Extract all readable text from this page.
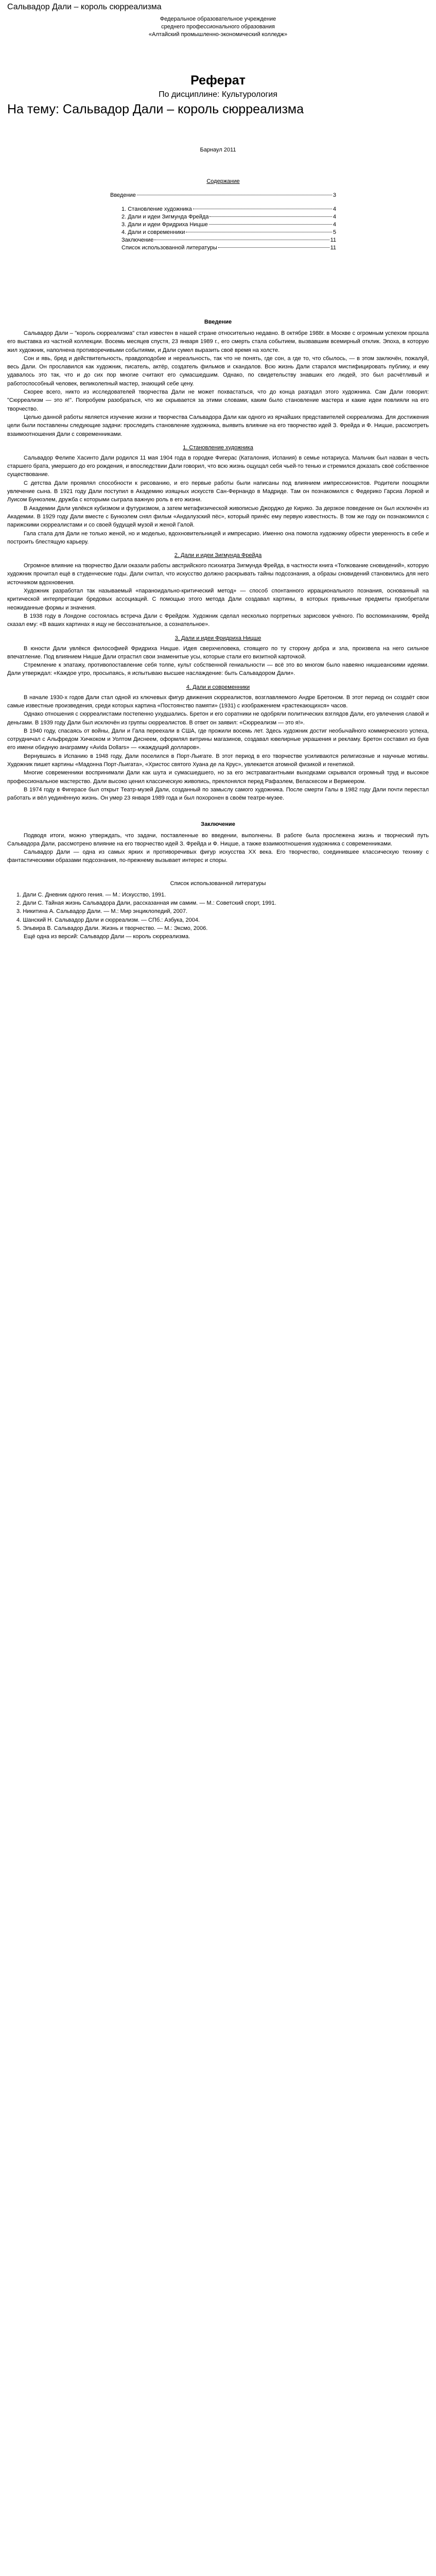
Сальвадор Дали – король сюрреализма
Федеральное образовательное учреждение
среднего профессионального образования
«Алтайский промышленно-экономический колледж»
Реферат
По дисциплине: Культурология
На тему: Сальвадор Дали – король сюрреализма
Барнаул 2011
Содержание
Введение	3
1. Становление художника	4
2. Дали и идеи Зигмунда Фрейда	4
3. Дали и идеи Фридриха Ницше	4
4. Дали и современники	5
Заключение	11
Список использованной литературы	11
Введение

Сальвадор Дали – "король сюрреализма" стал известен в нашей стране относительно недавно. В октябре 1988г. в Москве с огромным успехом прошла его выставка из частной коллекции. Восемь месяцев спустя, 23 января 1989 г., его смерть стала событием, вызвавшим всемирный отклик. Эпоха, в которую жил художник, наполнена противоречивыми событиями, и Дали сумел выразить своё время на холсте.

Сон и явь, бред и действительность, правдоподобие и нереальность, так что не понять, где сон, а где то, что сбылось, — в этом заключён, пожалуй, весь Дали. Он прославился как художник, писатель, актёр, создатель фильмов и скандалов. Всю жизнь Дали старался мистифицировать публику, и ему удавалось это так, что и до сих пор многие считают его сумасшедшим. Однако, по свидетельству знавших его людей, это был расчётливый и работоспособный человек, великолепный мастер, знающий себе цену.

Скорее всего, никто из исследователей творчества Дали не может похвастаться, что до конца разгадал этого художника. Сам Дали говорил: "Сюрреализм — это я!". Попробуем разобраться, что же скрывается за этими словами, каким было становление мастера и какие идеи повлияли на его творчество.

Целью данной работы является изучение жизни и творчества Сальвадора Дали как одного из ярчайших представителей сюрреализма. Для достижения цели были поставлены следующие задачи: проследить становление художника, выявить влияние на его творчество идей З. Фрейда и Ф. Ницше, рассмотреть взаимоотношения Дали с современниками.

1. Становление художника

Сальвадор Фелипе Хасинто Дали родился 11 мая 1904 года в городке Фигерас (Каталония, Испания) в семье нотариуса. Мальчик был назван в честь старшего брата, умершего до его рождения, и впоследствии Дали говорил, что всю жизнь ощущал себя чьей-то тенью и стремился доказать своё собственное существование.

С детства Дали проявлял способности к рисованию, и его первые работы были написаны под влиянием импрессионистов. Родители поощряли увлечение сына. В 1921 году Дали поступил в Академию изящных искусств Сан-Фернандо в Мадриде. Там он познакомился с Федерико Гарсиа Лоркой и Луисом Бунюэлем, дружба с которыми сыграла важную роль в его жизни.

В Академии Дали увлёкся кубизмом и футуризмом, а затем метафизической живописью Джорджо де Кирико. За дерзкое поведение он был исключён из Академии. В 1929 году Дали вместе с Бунюэлем снял фильм «Андалузский пёс», который принёс ему первую известность. В том же году он познакомился с парижскими сюрреалистами и со своей будущей музой и женой Галой.

Гала стала для Дали не только женой, но и моделью, вдохновительницей и импресарио. Именно она помогла художнику обрести уверенность в себе и построить блестящую карьеру.

2. Дали и идеи Зигмунда Фрейда

Огромное влияние на творчество Дали оказали работы австрийского психиатра Зигмунда Фрейда, в частности книга «Толкование сновидений», которую художник прочитал ещё в студенческие годы. Дали считал, что искусство должно раскрывать тайны подсознания, а образы сновидений становились для него источником вдохновения.

Художник разработал так называемый «параноидально-критический метод» — способ спонтанного иррационального познания, основанный на критической интерпретации бредовых ассоциаций. С помощью этого метода Дали создавал картины, в которых привычные предметы приобретали неожиданные формы и значения.

В 1938 году в Лондоне состоялась встреча Дали с Фрейдом. Художник сделал несколько портретных зарисовок учёного. По воспоминаниям, Фрейд сказал ему: «В ваших картинах я ищу не бессознательное, а сознательное».

3. Дали и идеи Фридриха Ницше

В юности Дали увлёкся философией Фридриха Ницше. Идея сверхчеловека, стоящего по ту сторону добра и зла, произвела на него сильное впечатление. Под влиянием Ницше Дали отрастил свои знаменитые усы, которые стали его визитной карточкой.

Стремление к эпатажу, противопоставление себя толпе, культ собственной гениальности — всё это во многом было навеяно ницшеанскими идеями. Дали утверждал: «Каждое утро, просыпаясь, я испытываю высшее наслаждение: быть Сальвадором Дали».

4. Дали и современники

В начале 1930-х годов Дали стал одной из ключевых фигур движения сюрреалистов, возглавляемого Андре Бретоном. В этот период он создаёт свои самые известные произведения, среди которых картина «Постоянство памяти» (1931) с изображением «растекающихся» часов.

Однако отношения с сюрреалистами постепенно ухудшались. Бретон и его соратники не одобряли политических взглядов Дали, его увлечения славой и деньгами. В 1939 году Дали был исключён из группы сюрреалистов. В ответ он заявил: «Сюрреализм — это я!».

В 1940 году, спасаясь от войны, Дали и Гала переехали в США, где прожили восемь лет. Здесь художник достиг необычайного коммерческого успеха, сотрудничал с Альфредом Хичкоком и Уолтом Диснеем, оформлял витрины магазинов, создавал ювелирные украшения и рекламу. Бретон составил из букв его имени обидную анаграмму «Avida Dollars» — «жаждущий долларов».

Вернувшись в Испанию в 1948 году, Дали поселился в Порт-Льигате. В этот период в его творчестве усиливаются религиозные и научные мотивы. Художник пишет картины «Мадонна Порт-Льигата», «Христос святого Хуана де ла Крус», увлекается атомной физикой и генетикой.

Многие современники воспринимали Дали как шута и сумасшедшего, но за его экстравагантными выходками скрывался огромный труд и высокое профессиональное мастерство. Дали высоко ценил классическую живопись, преклонялся перед Рафаэлем, Веласкесом и Вермеером.

В 1974 году в Фигерасе был открыт Театр-музей Дали, созданный по замыслу самого художника. После смерти Галы в 1982 году Дали почти перестал работать и вёл уединённую жизнь. Он умер 23 января 1989 года и был похоронен в своём театре-музее.

Заключение

Подводя итоги, можно утверждать, что задачи, поставленные во введении, выполнены. В работе была прослежена жизнь и творческий путь Сальвадора Дали, рассмотрено влияние на его творчество идей З. Фрейда и Ф. Ницше, а также взаимоотношения художника с современниками.

Сальвадор Дали — одна из самых ярких и противоречивых фигур искусства XX века. Его творчество, соединившее классическую технику с фантастическими образами подсознания, по-прежнему вызывает интерес и споры.

Список использованной литературы
1. Дали С. Дневник одного гения. — М.: Искусство, 1991.
2. Дали С. Тайная жизнь Сальвадора Дали, рассказанная им самим. — М.: Советский спорт, 1991.
3. Никитина А. Сальвадор Дали. — М.: Мир энциклопедий, 2007.
4. Шанский Н. Сальвадор Дали и сюрреализм. — СПб.: Азбука, 2004.
5. Эльвира В. Сальвадор Дали. Жизнь и творчество. — М.: Эксмо, 2006.

Ещё одна из версий: Сальвадор Дали — король сюрреализма.
